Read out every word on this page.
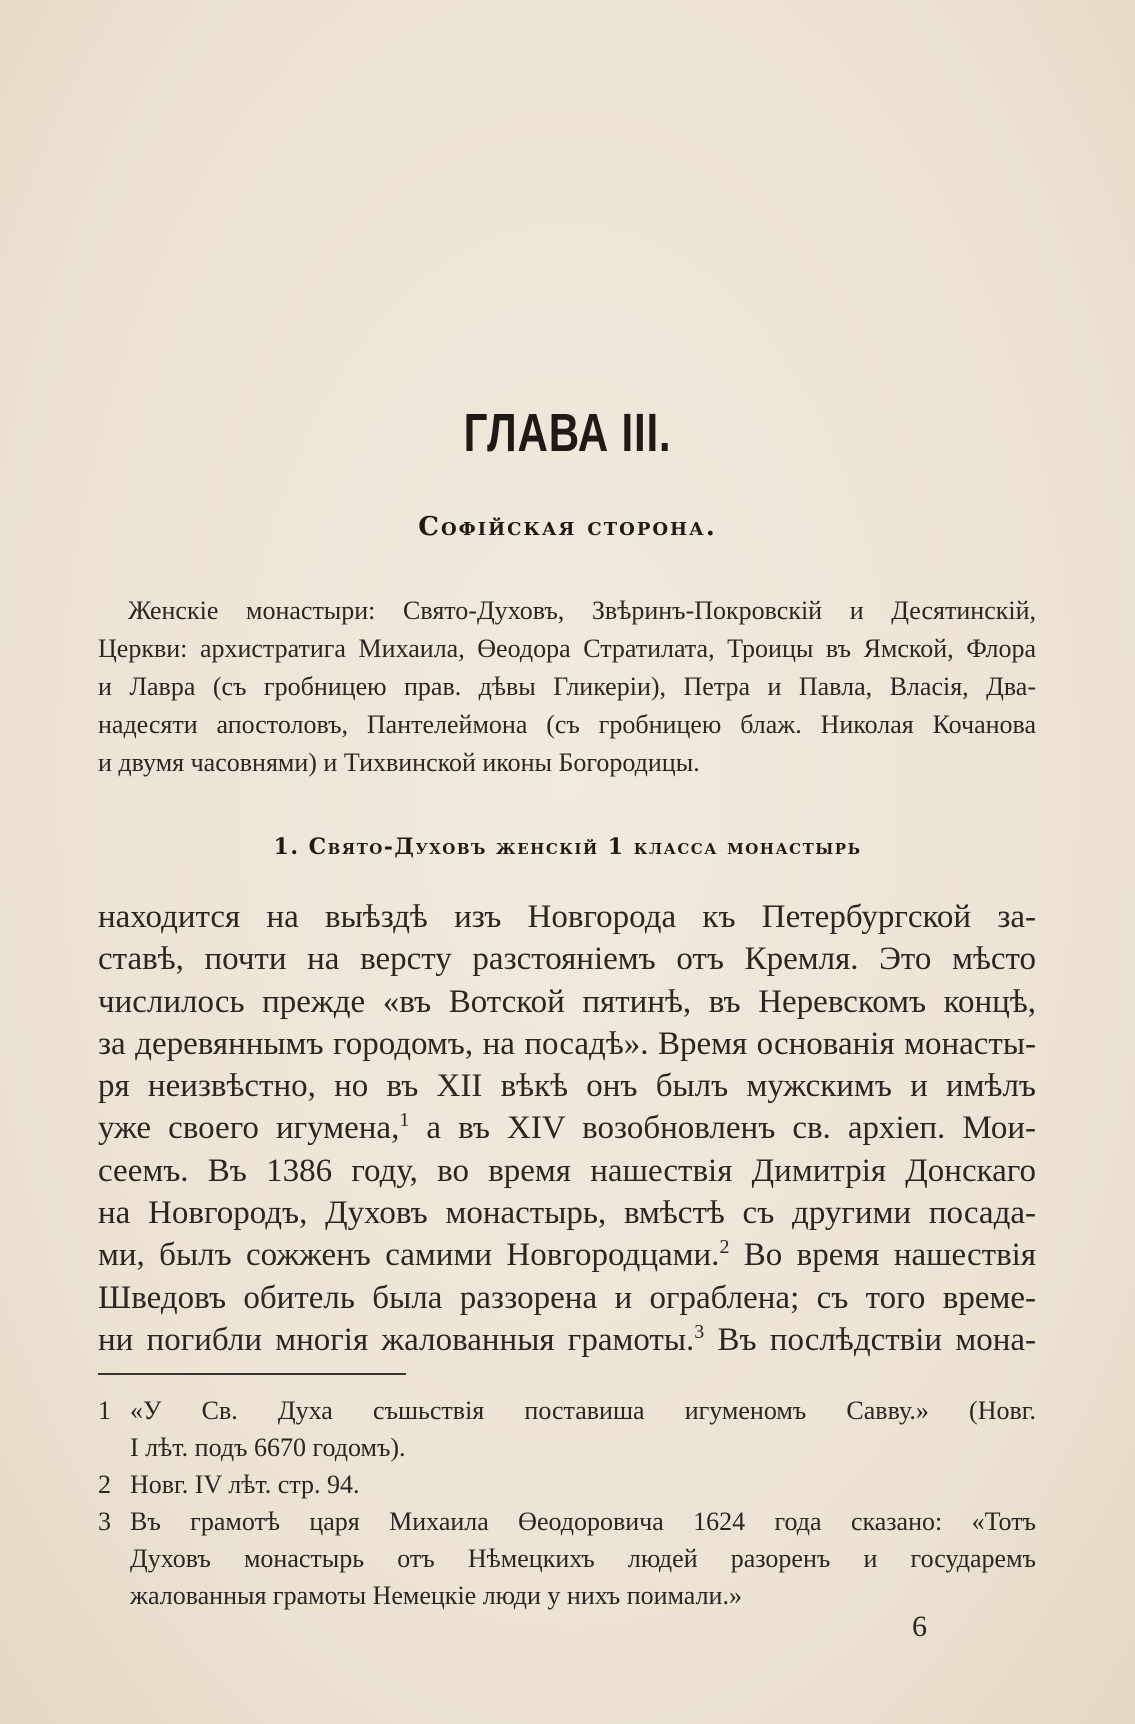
ГЛАВА III.
Софійская сторона.
Женскіе монастыри: Свято-Духовъ, Звѣринъ-Покровскій и Десятинскій,
Церкви: архистратига Михаила, Өеодора Стратилата, Троицы въ Ямской, Флора
и Лавра (съ гробницею прав. дѣвы Гликеріи), Петра и Павла, Власія, Два-
надесяти апостоловъ, Пантелеймона (съ гробницею блаж. Николая Кочанова
и двумя часовнями) и Тихвинской иконы Богородицы.
1. Свято-Духовъ женскій 1 класса монастырь
находится на выѣздѣ изъ Новгорода къ Петербургской за-
ставѣ, почти на версту разстояніемъ отъ Кремля. Это мѣсто
числилось прежде «въ Вотской пятинѣ, въ Неревскомъ концѣ,
за деревяннымъ городомъ, на посадѣ». Время основанія монасты-
ря неизвѣстно, но въ XII вѣкѣ онъ былъ мужскимъ и имѣлъ
уже своего игумена,$^1$ а въ XIV возобновленъ св. архіеп. Мои-
сеемъ. Въ 1386 году, во время нашествія Димитрія Донскаго
на Новгородъ, Духовъ монастырь, вмѣстѣ съ другими посада-
ми, былъ сожженъ самими Новгородцами.$^2$ Во время нашествія
Шведовъ обитель была раззорена и ограблена; съ того време-
ни погибли многія жалованныя грамоты.$^3$ Въ послѣдствіи мона-
1 «У Св. Духа съшьствія поставиша игуменомъ Савву.» (Новг.
I лѣт. подъ 6670 годомъ).
2 Новг. IV лѣт. стр. 94.
3 Въ грамотѣ царя Михаила Өеодоровича 1624 года сказано: «Тотъ
Духовъ монастырь отъ Нѣмецкихъ людей разоренъ и государемъ
жалованныя грамоты Немецкіе люди у нихъ поимали.»
6
